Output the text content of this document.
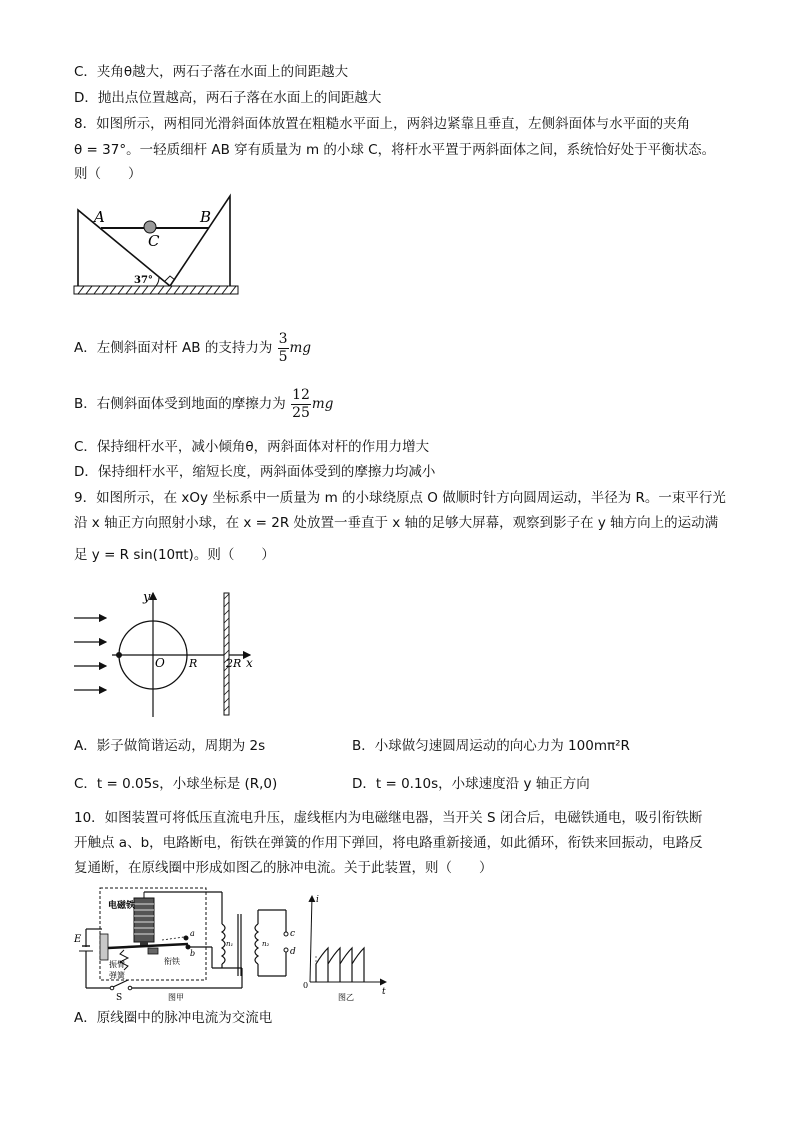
C．夹角θ越大，两石子落在水面上的间距越大
D．抛出点位置越高，两石子落在水面上的间距越大
8．如图所示，两相同光滑斜面体放置在粗糙水平面上，两斜边紧靠且垂直，左侧斜面体与水平面的夹角
θ = 37°。一轻质细杆 AB 穿有质量为 m 的小球 C，将杆水平置于两斜面体之间，系统恰好处于平衡状态。
则（　　）
A	B
C
37°
A．左侧斜面对杆 AB 的支持力为 $\frac{3}{5}$ mg
B．右侧斜面体受到地面的摩擦力为 $\frac{12}{25}$ mg
C．保持细杆水平，减小倾角θ，两斜面体对杆的作用力增大
D．保持细杆水平，缩短长度，两斜面体受到的摩擦力均减小
9．如图所示，在 xOy 坐标系中一质量为 m 的小球绕原点 O 做顺时针方向圆周运动，半径为 R。一束平行光
沿 x 轴正方向照射小球，在 x = 2R 处放置一垂直于 x 轴的足够大屏幕，观察到影子在 y 轴方向上的运动满
足 y = R sin(10πt)。则（　　）
y
x
O R	2R
A．影子做简谐运动，周期为 2s	B．小球做匀速圆周运动的向心力为 100mπ²R
C．t = 0.05s，小球坐标是 (R,0)	D．t = 0.10s，小球速度沿 y 轴正方向
10．如图装置可将低压直流电升压，虚线框内为电磁继电器，当开关 S 闭合后，电磁铁通电，吸引衔铁断
开触点 a、b，电路断电，衔铁在弹簧的作用下弹回，将电路重新接通，如此循环，衔铁来回振动，电路反
复通断，在原线圈中形成如图乙的脉冲电流。关于此装置，则（　　）
电磁铁
E
振臂
弹簧
衔铁
a
b
S	图甲
n₁	n₂
c
d
i
t
0
图乙
A．原线圈中的脉冲电流为交流电
